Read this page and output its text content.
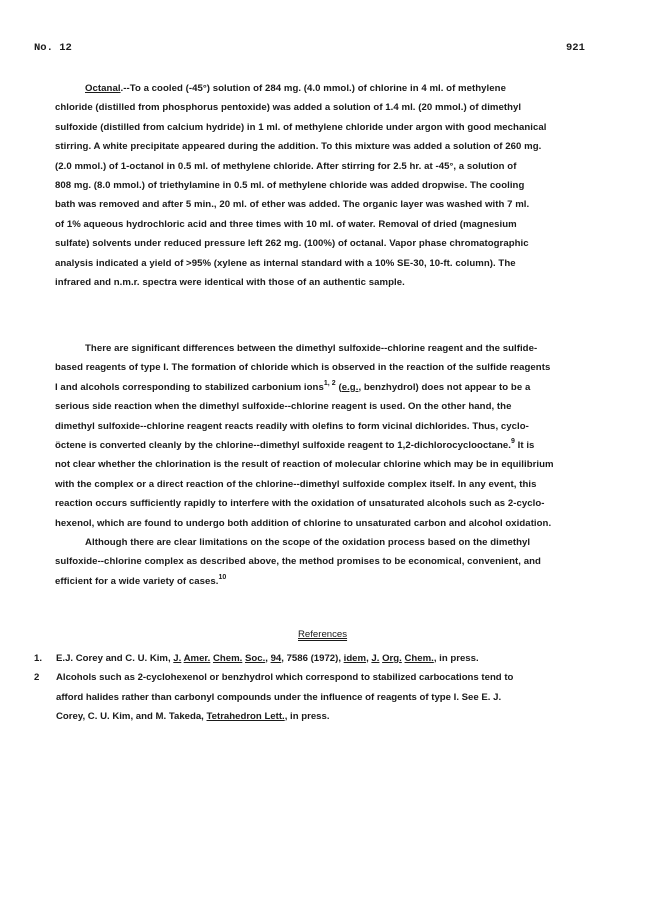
No. 12	921
Octanal.--To a cooled (-45°) solution of 284 mg. (4.0 mmol.) of chlorine in 4 ml. of methylene
chloride (distilled from phosphorus pentoxide) was added a solution of 1.4 ml. (20 mmol.) of dimethyl
sulfoxide (distilled from calcium hydride) in 1 ml. of methylene chloride under argon with good mechanical
stirring. A white precipitate appeared during the addition. To this mixture was added a solution of 260 mg.
(2.0 mmol.) of 1-octanol in 0.5 ml. of methylene chloride. After stirring for 2.5 hr. at -45°, a solution of
808 mg. (8.0 mmol.) of triethylamine in 0.5 ml. of methylene chloride was added dropwise. The cooling
bath was removed and after 5 min., 20 ml. of ether was added. The organic layer was washed with 7 ml.
of 1% aqueous hydrochloric acid and three times with 10 ml. of water. Removal of dried (magnesium
sulfate) solvents under reduced pressure left 262 mg. (100%) of octanal. Vapor phase chromatographic
analysis indicated a yield of >95% (xylene as internal standard with a 10% SE-30, 10-ft. column). The
infrared and n.m.r. spectra were identical with those of an authentic sample.
There are significant differences between the dimethyl sulfoxide--chlorine reagent and the sulfide-
based reagents of type I. The formation of chloride which is observed in the reaction of the sulfide reagents
I and alcohols corresponding to stabilized carbonium ions$^{1, 2}$ (e.g., benzhydrol) does not appear to be a
serious side reaction when the dimethyl sulfoxide--chlorine reagent is used. On the other hand, the
dimethyl sulfoxide--chlorine reagent reacts readily with olefins to form vicinal dichlorides. Thus, cyclo-
öctene is converted cleanly by the chlorine--dimethyl sulfoxide reagent to 1,2-dichlorocyclooctane.$^9$ It is
not clear whether the chlorination is the result of reaction of molecular chlorine which may be in equilibrium
with the complex or a direct reaction of the chlorine--dimethyl sulfoxide complex itself. In any event, this
reaction occurs sufficiently rapidly to interfere with the oxidation of unsaturated alcohols such as 2-cyclo-
hexenol, which are found to undergo both addition of chlorine to unsaturated carbon and alcohol oxidation.
Although there are clear limitations on the scope of the oxidation process based on the dimethyl
sulfoxide--chlorine complex as described above, the method promises to be economical, convenient, and
efficient for a wide variety of cases.$^{10}$
References
1.	E.J. Corey and C. U. Kim, J. Amer. Chem. Soc., 94, 7586 (1972), idem, J. Org. Chem., in press.
2	Alcohols such as 2-cyclohexenol or benzhydrol which correspond to stabilized carbocations tend to
afford halides rather than carbonyl compounds under the influence of reagents of type I. See E. J.
Corey, C. U. Kim, and M. Takeda, Tetrahedron Lett., in press.
